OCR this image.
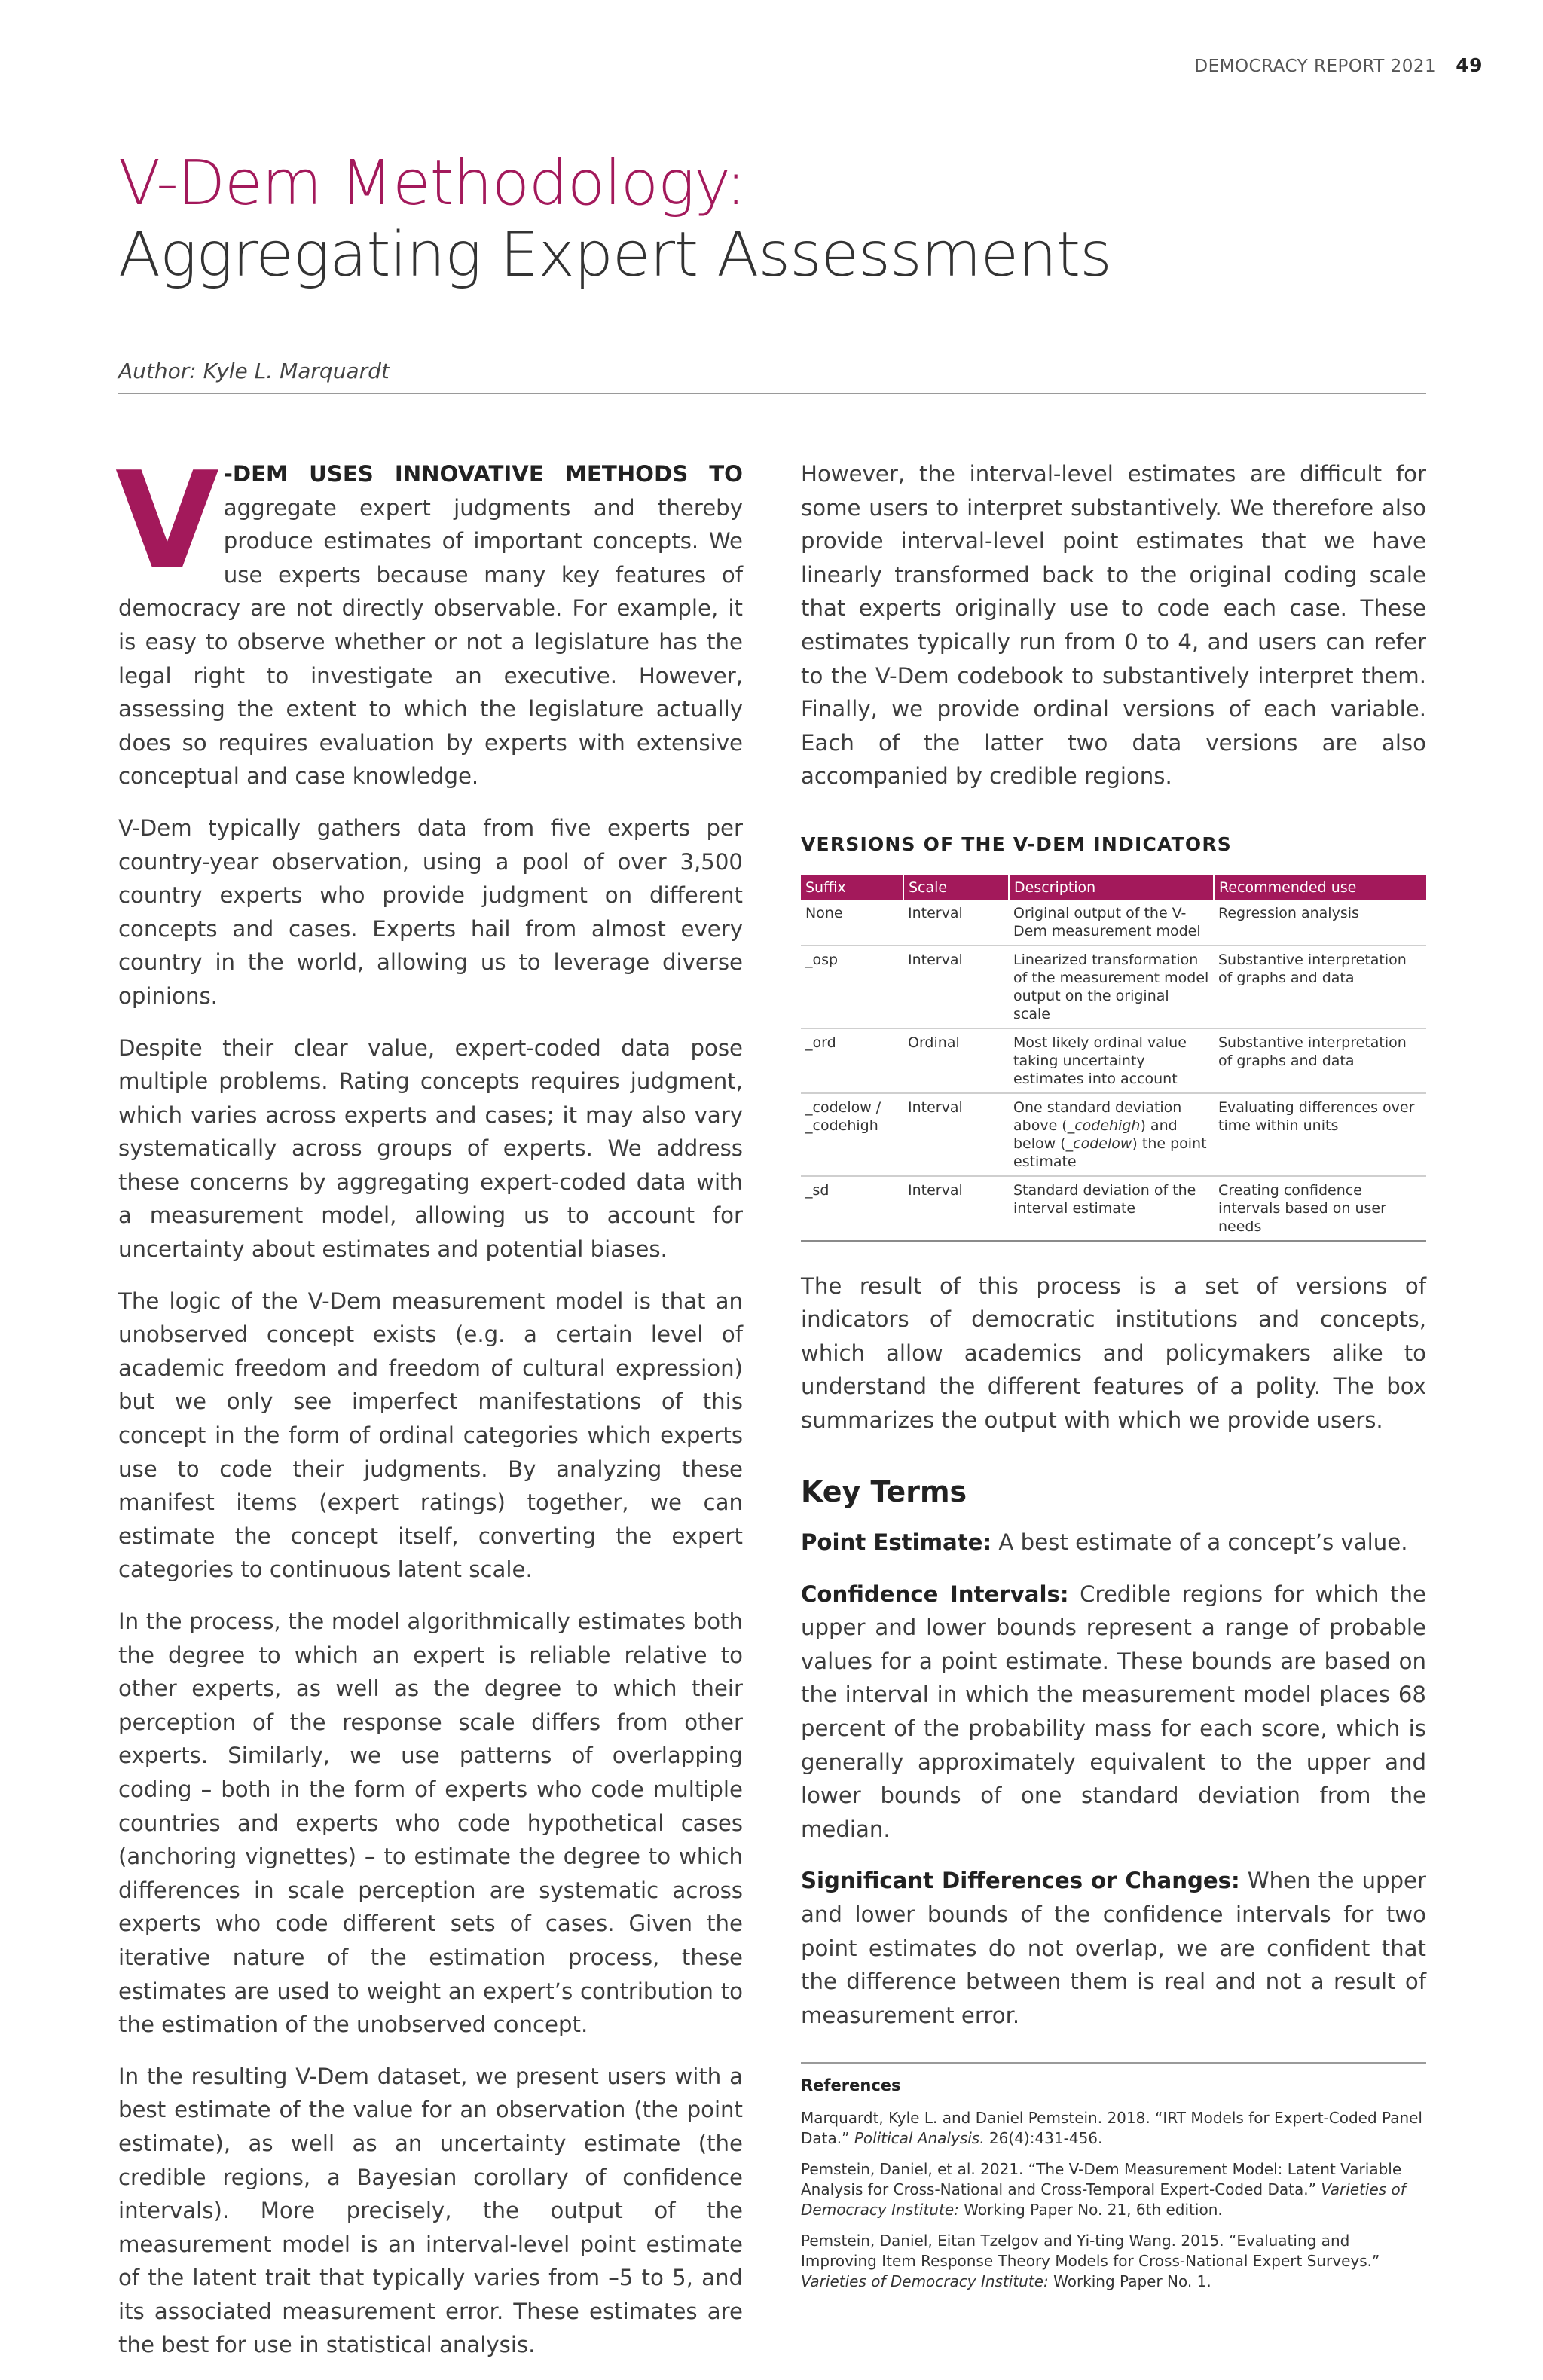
DEMOCRACY REPORT 2021 49
V-Dem Methodology:
Aggregating Expert Assessments
Author: Kyle L. Marquardt

V -DEM USES INNOVATIVE METHODS TO aggregate expert judgments and thereby produce estimates of important concepts. We use experts because many key features of democracy are not directly observable. For example, it is easy to observe whether or not a legislature has the legal right to investigate an executive. However, assessing the extent to which the legislature actually does so requires evaluation by experts with extensive conceptual and case knowledge.

V-Dem typically gathers data from five experts per country-year observation, using a pool of over 3,500 country experts who provide judgment on different concepts and cases. Experts hail from almost every country in the world, allowing us to leverage diverse opinions.

Despite their clear value, expert-coded data pose multiple problems. Rating concepts requires judgment, which varies across experts and cases; it may also vary systematically across groups of experts. We address these concerns by aggregating expert-coded data with a measurement model, allowing us to account for uncertainty about estimates and potential biases.

The logic of the V-Dem measurement model is that an unobserved concept exists (e.g. a certain level of academic freedom and freedom of cultural expression) but we only see imperfect manifestations of this concept in the form of ordinal categories which experts use to code their judgments. By analyzing these manifest items (expert ratings) together, we can estimate the concept itself, converting the expert categories to continuous latent scale.

In the process, the model algorithmically estimates both the degree to which an expert is reliable relative to other experts, as well as the degree to which their perception of the response scale differs from other experts. Similarly, we use patterns of overlapping coding – both in the form of experts who code multiple countries and experts who code hypothetical cases (anchoring vignettes) – to estimate the degree to which differences in scale perception are systematic across experts who code different sets of cases. Given the iterative nature of the estimation process, these estimates are used to weight an expert’s contribution to the estimation of the unobserved concept.

In the resulting V-Dem dataset, we present users with a best estimate of the value for an observation (the point estimate), as well as an uncertainty estimate (the credible regions, a Bayesian corollary of confidence intervals). More precisely, the output of the measurement model is an interval-level point estimate of the latent trait that typically varies from –5 to 5, and its associated measurement error. These estimates are the best for use in statistical analysis.

However, the interval-level estimates are difficult for some users to interpret substantively. We therefore also provide interval-level point estimates that we have linearly transformed back to the original coding scale that experts originally use to code each case. These estimates typically run from 0 to 4, and users can refer to the V-Dem codebook to substantively interpret them. Finally, we provide ordinal versions of each variable. Each of the latter two data versions are also accompanied by credible regions.

VERSIONS OF THE V-DEM INDICATORS
Suffix	Scale	Description	Recommended use
None	Interval	Original output of the V-Dem measurement model	Regression analysis
_osp	Interval	Linearized transformation of the measurement model output on the original scale	Substantive interpretation of graphs and data
_ord	Ordinal	Most likely ordinal value taking uncertainty estimates into account	Substantive interpretation of graphs and data
_codelow / _codehigh	Interval	One standard deviation above (_codehigh) and below (_codelow) the point estimate	Evaluating differences over time within units
_sd	Interval	Standard deviation of the interval estimate	Creating confidence intervals based on user needs

The result of this process is a set of versions of indicators of democratic institutions and concepts, which allow academics and policymakers alike to understand the different features of a polity. The box summarizes the output with which we provide users.

Key Terms

Point Estimate: A best estimate of a concept’s value.

Confidence Intervals: Credible regions for which the upper and lower bounds represent a range of probable values for a point estimate. These bounds are based on the interval in which the measurement model places 68 percent of the probability mass for each score, which is generally approximately equivalent to the upper and lower bounds of one standard deviation from the median.

Significant Differences or Changes: When the upper and lower bounds of the confidence intervals for two point estimates do not overlap, we are confident that the difference between them is real and not a result of measurement error.

References
Marquardt, Kyle L. and Daniel Pemstein. 2018. “IRT Models for Expert-Coded Panel Data.” Political Analysis. 26(4):431-456.
Pemstein, Daniel, et al. 2021. “The V-Dem Measurement Model: Latent Variable Analysis for Cross-National and Cross-Temporal Expert-Coded Data.” Varieties of Democracy Institute: Working Paper No. 21, 6th edition.
Pemstein, Daniel, Eitan Tzelgov and Yi-ting Wang. 2015. “Evaluating and Improving Item Response Theory Models for Cross-National Expert Surveys.” Varieties of Democracy Institute: Working Paper No. 1.
